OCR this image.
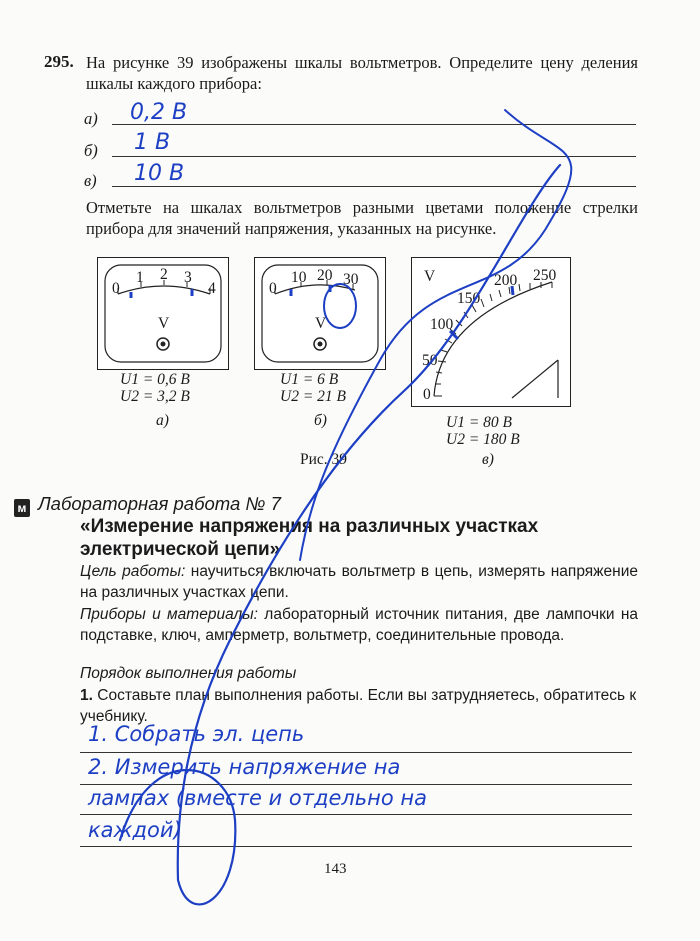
295. На рисунке 39 изображены шкалы вольтметров. Определите цену деления шкалы каждого прибора:
а) 0,2 В
б) 1 В
в) 10 В
Отметьте на шкалах вольтметров разными цветами положение стрелки прибора для значений напряжения, указанных на рисунке.
0
1 2 3
4
V
U1 = 0,6 В
U2 = 3,2 В
а)
0
10 20 30
V
U1 = 6 В
U2 = 21 В
б)
V
0
50
100
150
200 250
U1 = 80 В
U2 = 180 В
в)
Рис. 39
м Лабораторная работа № 7
«Измерение напряжения на различных участках
электрической цепи»
Цель работы: научиться включать вольтметр в цепь, измерять напряжение на различных участках цепи.
Приборы и материалы: лабораторный источник питания, две лампочки на подставке, ключ, амперметр, вольтметр, соединительные провода.
Порядок выполнения работы
1. Составьте план выполнения работы. Если вы затрудняетесь, обратитесь к учебнику.
1. Собрать эл. цепь
2. Измерить напряжение на
лампах (вместе и отдельно на
каждой)
143
